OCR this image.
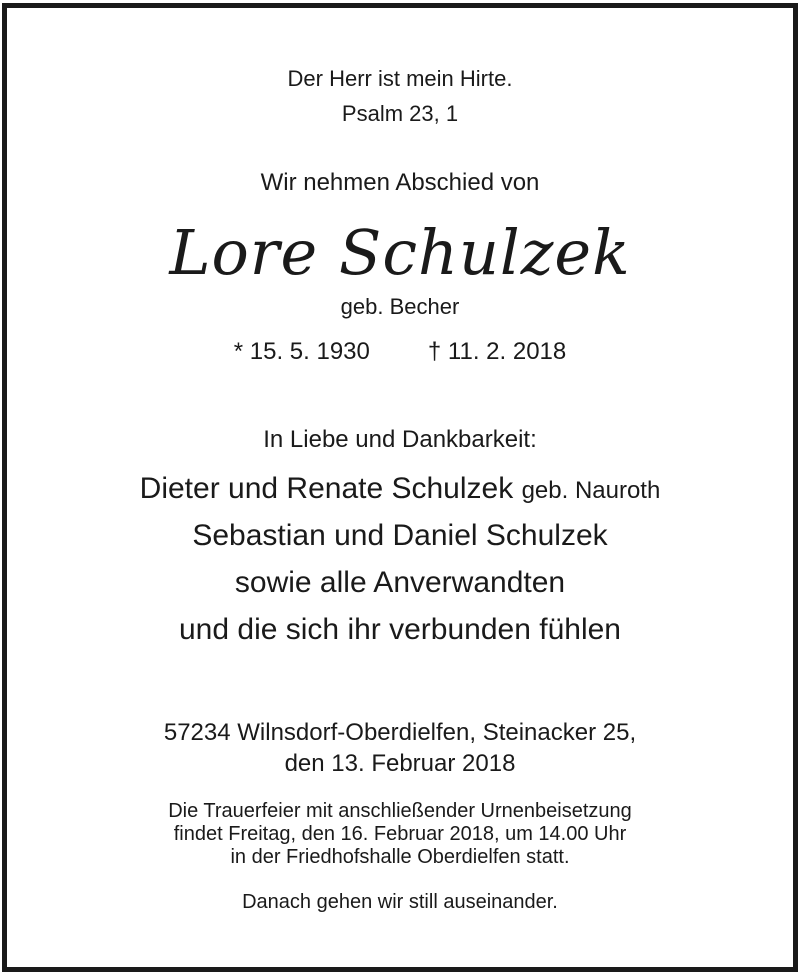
Der Herr ist mein Hirte.
Psalm 23, 1
Wir nehmen Abschied von
Lore Schulzek
geb. Becher
* 15. 5. 1930 † 11. 2. 2018
In Liebe und Dankbarkeit:
Dieter und Renate Schulzek geb. Nauroth
Sebastian und Daniel Schulzek
sowie alle Anverwandten
und die sich ihr verbunden fühlen
57234 Wilnsdorf-Oberdielfen, Steinacker 25,
den 13. Februar 2018
Die Trauerfeier mit anschließender Urnenbeisetzung
findet Freitag, den 16. Februar 2018, um 14.00 Uhr
in der Friedhofshalle Oberdielfen statt.
Danach gehen wir still auseinander.
